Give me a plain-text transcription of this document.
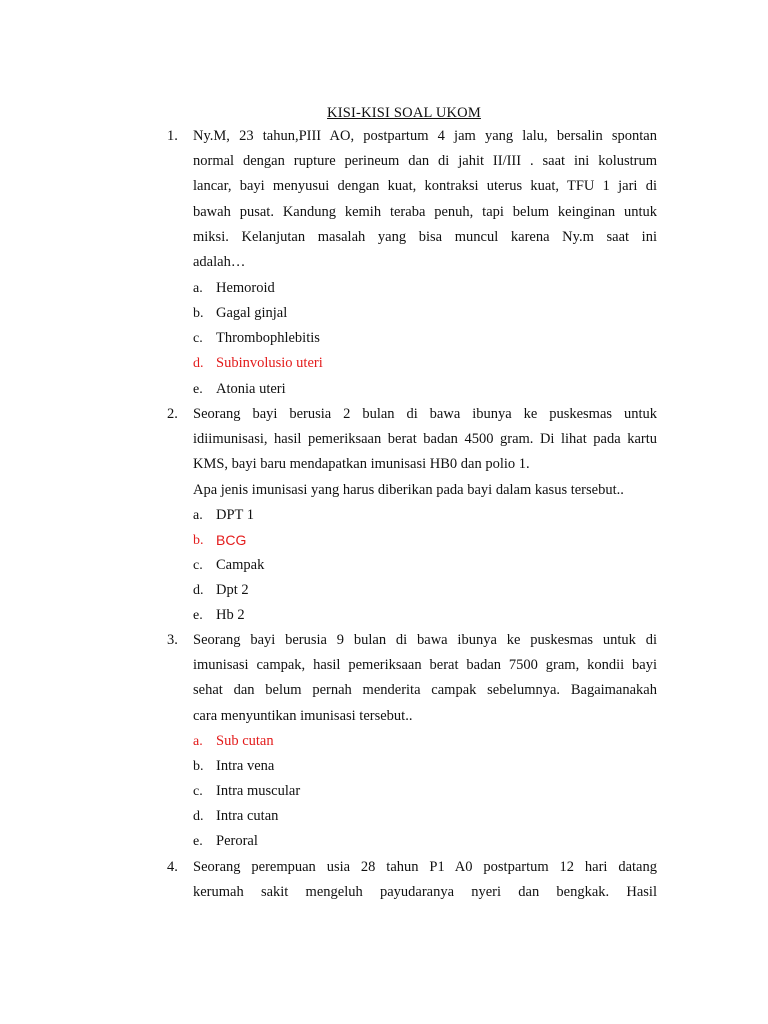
KISI-KISI SOAL UKOM
1.	Ny.M, 23 tahun,PIII AO, postpartum 4 jam yang lalu, bersalin spontan
normal dengan rupture perineum dan di jahit II/III . saat ini kolustrum
lancar, bayi menyusui dengan kuat, kontraksi uterus kuat, TFU 1 jari di
bawah pusat. Kandung kemih teraba penuh, tapi belum keinginan untuk
miksi. Kelanjutan masalah yang bisa muncul karena Ny.m saat ini
adalah…
a. Hemoroid
b. Gagal ginjal
c. Thrombophlebitis
d. Subinvolusio uteri
e. Atonia uteri
2.	Seorang bayi berusia 2 bulan di bawa ibunya ke puskesmas untuk
idiimunisasi, hasil pemeriksaan berat badan 4500 gram. Di lihat pada kartu
KMS, bayi baru mendapatkan imunisasi HB0 dan polio 1.
Apa jenis imunisasi yang harus diberikan pada bayi dalam kasus tersebut..
a. DPT 1
b. BCG
c. Campak
d. Dpt 2
e. Hb 2
3.	Seorang bayi berusia 9 bulan di bawa ibunya ke puskesmas untuk di
imunisasi campak, hasil pemeriksaan berat badan 7500 gram, kondii bayi
sehat dan belum pernah menderita campak sebelumnya. Bagaimanakah
cara menyuntikan imunisasi tersebut..
a. Sub cutan
b. Intra vena
c. Intra muscular
d. Intra cutan
e. Peroral
4.	Seorang perempuan usia 28 tahun P1 A0 postpartum 12 hari datang
kerumah sakit mengeluh payudaranya nyeri dan bengkak. Hasil
